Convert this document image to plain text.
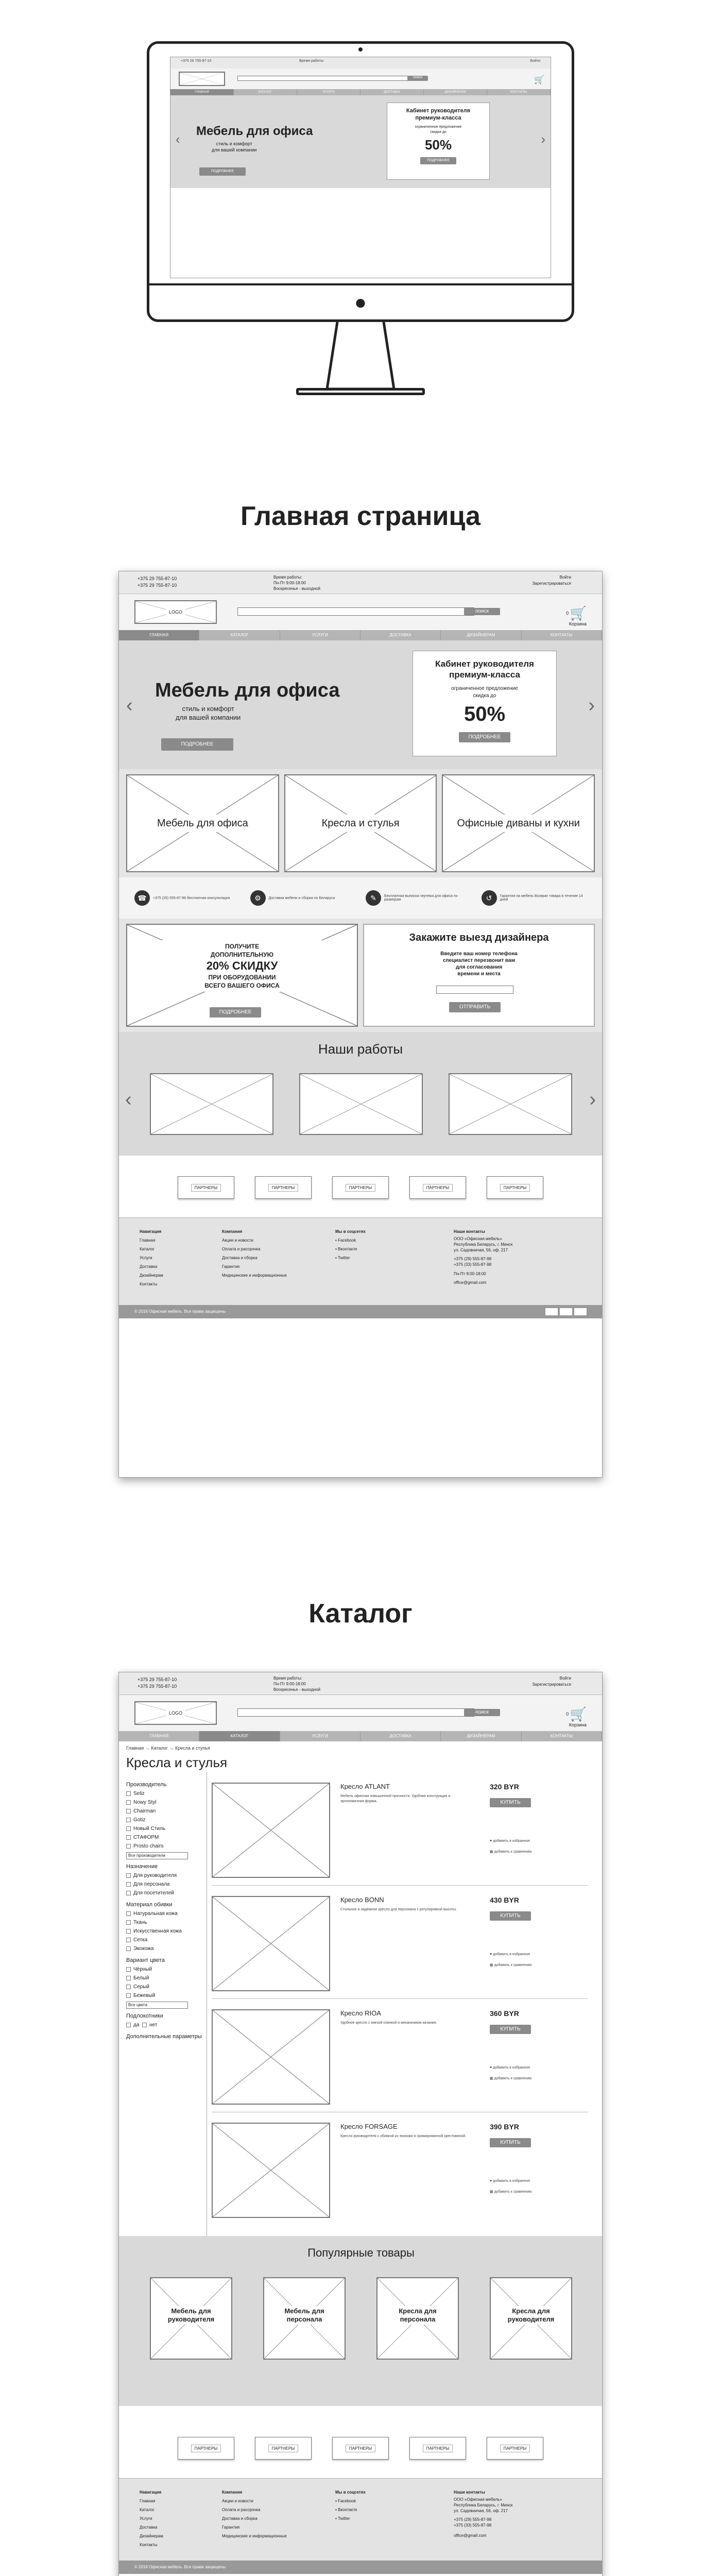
●
+375 29 755-87-10	Время работы:	Войти
поиск	🛒
ГЛАВНАЯ	КАТАЛОГ	УСЛУГИ	ДОСТАВКА	ДИЗАЙНЕРАМ	КОНТАКТЫ
‹	›
Мебель для офиса
стиль и комфорт
для вашей компании
ПОДРОБНЕЕ
Кабинет руководителя
премиум-класса
ограниченное предложение
скидка до
50%
ПОДРОБНЕЕ
Главная страница
+375 29 755-87-10
+375 29 755-87-10
Время работы:
Пн-Пт 9:00-18:00
Воскресенье - выходной
Войти
Зарегистрироваться
LOGO	поиск	0 🛒
Корзина
ГЛАВНАЯ	КАТАЛОГ	УСЛУГИ	ДОСТАВКА	ДИЗАЙНЕРАМ	КОНТАКТЫ
‹	›
Мебель для офиса
стиль и комфорт
для вашей компании
ПОДРОБНЕЕ
Кабинет руководителя
премиум-класса
ограниченное предложение
скидка до
50%
ПОДРОБНЕЕ
Мебель для офиса	Кресла и стулья	Офисные диваны и кухни
☎	+375 (29) 555-87-98 бесплатная консультация	⚙	Доставка мебели и сборка по Беларуси	✎	Бесплатная выписка чертежа для офиса по размерам	↺	Гарантия на мебель Возврат товара в течение 14 дней
ПОЛУЧИТЕ
ДОПОЛНИТЕЛЬНУЮ
20% СКИДКУ
ПРИ ОБОРУДОВАНИИ
ВСЕГО ВАШЕГО ОФИСА
ПОДРОБНЕЕ
Закажите выезд дизайнера
Введите ваш номер телефона
специалист перезвонит вам
для согласования
времени и места
ОТПРАВИТЬ
Наши работы
‹	›
ПАРТНЕРЫ	ПАРТНЕРЫ	ПАРТНЕРЫ	ПАРТНЕРЫ	ПАРТНЕРЫ
Навигация
Главная
Каталог
Услуги
Доставка
Дизайнерам
Контакты
Компания
Акции и новости
Оплата и рассрочка
Доставка и сборка
Гарантия
Медицинские и информационные
Мы в соцсетях
▪ Facebook
▪ Вконтакте
▪ Twitter
Наши контакты
ООО «Офисная мебель»
Республика Беларусь, г. Минск
ул. Садовничая, 56, оф. 217
+375 (29) 555-87-98
+375 (33) 555-87-98
Пн-Пт 9:00-18:00
office@gmail.com
© 2016 Офисная мебель. Все права защищены
Каталог
+375 29 755-87-10
+375 29 755-87-10
Время работы:
Пн-Пт 9:00-18:00
Воскресенье - выходной
Войти
Зарегистрироваться
LOGO	поиск	0 🛒
Корзина
ГЛАВНАЯ	КАТАЛОГ	УСЛУГИ	ДОСТАВКА	ДИЗАЙНЕРАМ	КОНТАКТЫ
Главная → Каталог → Кресла и стулья
Кресла и стулья
Производитель
Seliz
Nowy Styl
Chairman
Gotiz
Новый Стиль
СТАФОРМ
Prosto chairs
Все производители
Назначение
Для руководителя
Для персонала
Для посетителей
Материал обивки
Натуральная кожа
Ткань
Искусственная кожа
Сетка
Экокожа
Вариант цвета
Чёрный
Белый
Серый
Бежевый
Все цвета
Подлокотники
да нет
Дополнительные параметры
Кресло ATLANT
Мебель офисная повышенной прочности. Удобная конструкция и эргономичная форма.
320 BYR
КУПИТЬ
♥ добавить в избранное
▦ добавить к сравнению
Кресло BONN
Стильное и надёжное кресло для персонала с регулировкой высоты.
430 BYR
КУПИТЬ
♥ добавить в избранное
▦ добавить к сравнению
Кресло RIOA
Удобное кресло с мягкой спинкой и механизмом качания.
360 BYR
КУПИТЬ
♥ добавить в избранное
▦ добавить к сравнению
Кресло FORSAGE
Кресло руководителя с обивкой из экокожи и хромированной крестовиной.
390 BYR
КУПИТЬ
♥ добавить в избранное
▦ добавить к сравнению
Популярные товары
Мебель для руководителя
Мебель для персонала
Кресла для персонала
Кресла для руководителя
ПАРТНЕРЫ	ПАРТНЕРЫ	ПАРТНЕРЫ	ПАРТНЕРЫ	ПАРТНЕРЫ
Навигация
Главная
Каталог
Услуги
Доставка
Дизайнерам
Контакты
Компания
Акции и новости
Оплата и рассрочка
Доставка и сборка
Гарантия
Медицинские и информационные
Мы в соцсетях
▪ Facebook
▪ Вконтакте
▪ Twitter
Наши контакты
ООО «Офисная мебель»
Республика Беларусь, г. Минск
ул. Садовничая, 56, оф. 217
+375 (29) 555-87-98
+375 (33) 555-87-98
office@gmail.com
© 2016 Офисная мебель. Все права защищены
